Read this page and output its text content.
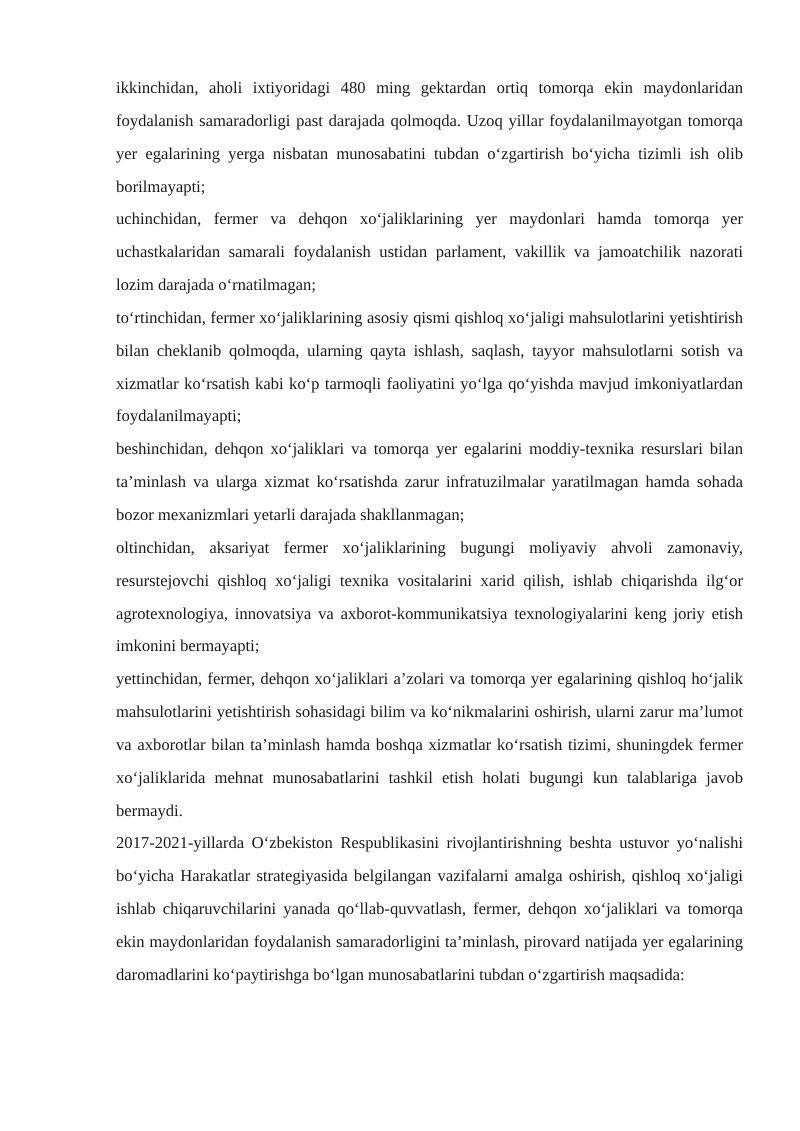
ikkinchidan, aholi ixtiyoridagi 480 ming gektardan ortiq tomorqa ekin maydonlaridan foydalanish samaradorligi past darajada qolmoqda. Uzoq yillar foydalanilmayotgan tomorqa yer egalarining yerga nisbatan munosabatini tubdan oʻzgartirish boʻyicha tizimli ish olib borilmayapti;

uchinchidan, fermer va dehqon xoʻjaliklarining yer maydonlari hamda tomorqa yer uchastkalaridan samarali foydalanish ustidan parlament, vakillik va jamoatchilik nazorati lozim darajada oʻrnatilmagan;

toʻrtinchidan, fermer xoʻjaliklarining asosiy qismi qishloq xoʻjaligi mahsulotlarini yetishtirish bilan cheklanib qolmoqda, ularning qayta ishlash, saqlash, tayyor mahsulotlarni sotish va xizmatlar koʻrsatish kabi koʻp tarmoqli faoliyatini yoʻlga qoʻyishda mavjud imkoniyatlardan foydalanilmayapti;

beshinchidan, dehqon xoʻjaliklari va tomorqa yer egalarini moddiy-texnika resurslari bilan taʼminlash va ularga xizmat koʻrsatishda zarur infratuzilmalar yaratilmagan hamda sohada bozor mexanizmlari yetarli darajada shakllanmagan;

oltinchidan, aksariyat fermer xoʻjaliklarining bugungi moliyaviy ahvoli zamonaviy, resurstejovchi qishloq xoʻjaligi texnika vositalarini xarid qilish, ishlab chiqarishda ilgʻor agrotexnologiya, innovatsiya va axborot-kommunikatsiya texnologiyalarini keng joriy etish imkonini bermayapti;

yettinchidan, fermer, dehqon xoʻjaliklari aʼzolari va tomorqa yer egalarining qishloq hoʻjalik mahsulotlarini yetishtirish sohasidagi bilim va koʻnikmalarini oshirish, ularni zarur maʼlumot va axborotlar bilan taʼminlash hamda boshqa xizmatlar koʻrsatish tizimi, shuningdek fermer xoʻjaliklarida mehnat munosabatlarini tashkil etish holati bugungi kun talablariga javob bermaydi.

2017-2021-yillarda Oʻzbekiston Respublikasini rivojlantirishning beshta ustuvor yoʻnalishi boʻyicha Harakatlar strategiyasida belgilangan vazifalarni amalga oshirish, qishloq xoʻjaligi ishlab chiqaruvchilarini yanada qoʻllab-quvvatlash, fermer, dehqon xoʻjaliklari va tomorqa ekin maydonlaridan foydalanish samaradorligini taʼminlash, pirovard natijada yer egalarining daromadlarini koʻpaytirishga boʻlgan munosabatlarini tubdan oʻzgartirish maqsadida:
